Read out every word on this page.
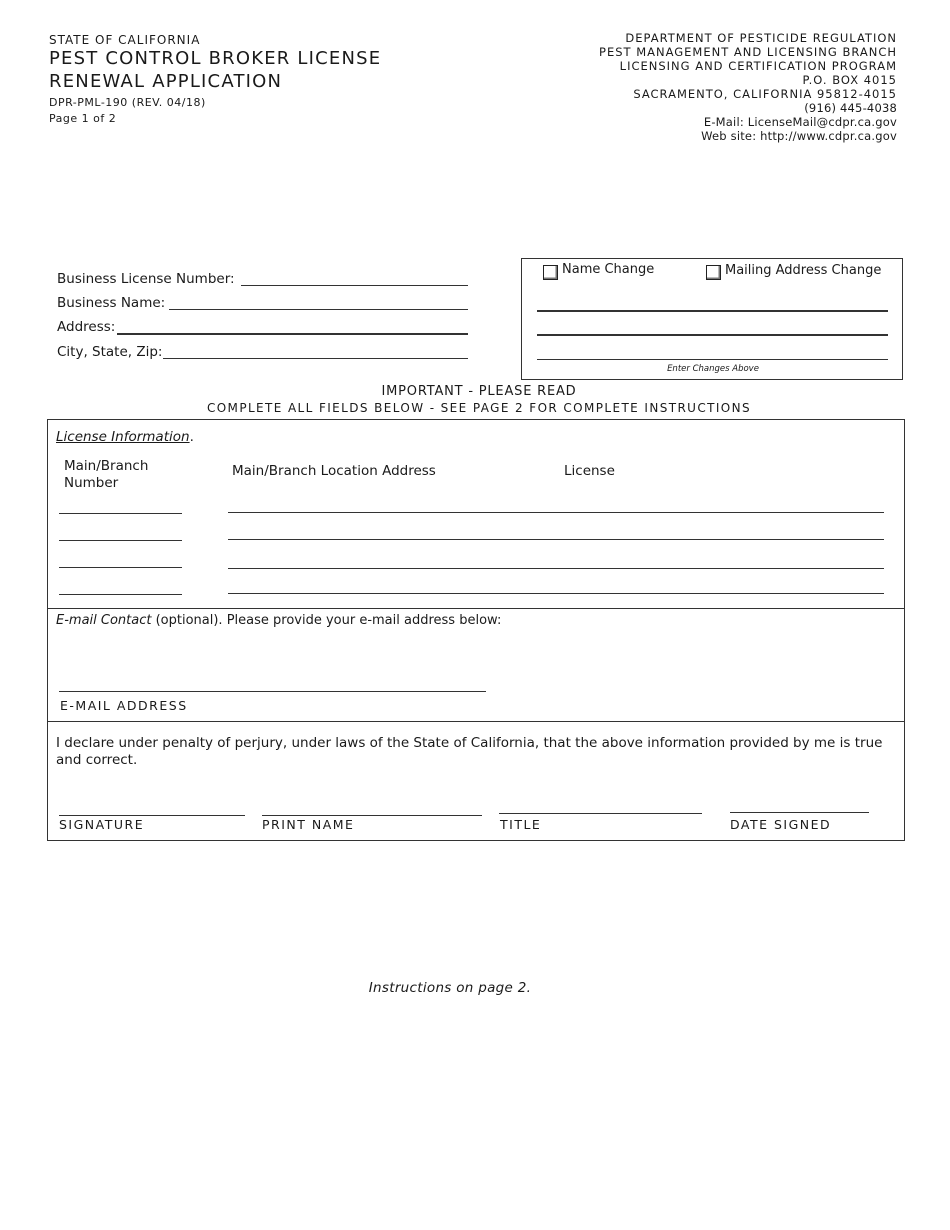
STATE OF CALIFORNIA
PEST CONTROL BROKER LICENSE
RENEWAL APPLICATION
DPR-PML-190 (REV. 04/18)
Page 1 of 2
DEPARTMENT OF PESTICIDE REGULATION
PEST MANAGEMENT AND LICENSING BRANCH
LICENSING AND CERTIFICATION PROGRAM
P.O. BOX 4015
SACRAMENTO, CALIFORNIA 95812-4015
(916) 445-4038
E-Mail: LicenseMail@cdpr.ca.gov
Web site: http://www.cdpr.ca.gov
Business License Number:
Business Name:
Address:
City, State, Zip:
Name Change	Mailing Address Change
Enter Changes Above
IMPORTANT - PLEASE READ
COMPLETE ALL FIELDS BELOW - SEE PAGE 2 FOR COMPLETE INSTRUCTIONS
License Information.
Main/Branch
Number
Main/Branch Location Address	License
E-mail Contact (optional). Please provide your e-mail address below:
E-MAIL ADDRESS
I declare under penalty of perjury, under laws of the State of California, that the above information provided by me is true and correct.
SIGNATURE	PRINT NAME	TITLE	DATE SIGNED
Instructions on page 2.
